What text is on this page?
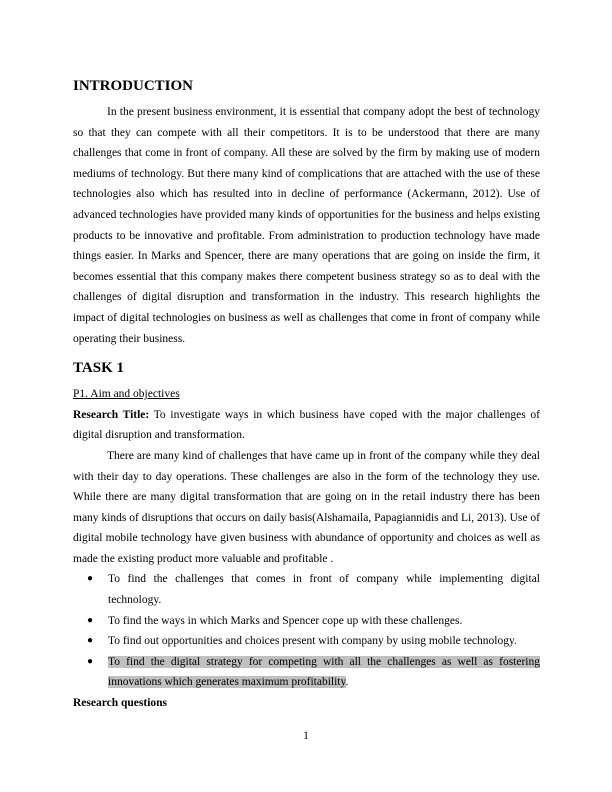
INTRODUCTION

In the present business environment, it is essential that company adopt the best of technology so that they can compete with all their competitors. It is to be understood that there are many challenges that come in front of company. All these are solved by the firm by making use of modern mediums of technology. But there many kind of complications that are attached with the use of these technologies also which has resulted into in decline of performance (Ackermann, 2012). Use of advanced technologies have provided many kinds of opportunities for the business and helps existing products to be innovative and profitable. From administration to production technology have made things easier. In Marks and Spencer, there are many operations that are going on inside the firm, it becomes essential that this company makes there competent business strategy so as to deal with the challenges of digital disruption and transformation in the industry. This research highlights the impact of digital technologies on business as well as challenges that come in front of company while operating their business.

TASK 1
P1. Aim and objectives

Research Title: To investigate ways in which business have coped with the major challenges of digital disruption and transformation.

There are many kind of challenges that have came up in front of the company while they deal with their day to day operations. These challenges are also in the form of the technology they use. While there are many digital transformation that are going on in the retail industry there has been many kinds of disruptions that occurs on daily basis(Alshamaila, Papagiannidis and Li, 2013). Use of digital mobile technology have given business with abundance of opportunity and choices as well as made the existing product more valuable and profitable .

● To find the challenges that comes in front of company while implementing digital technology.
● To find the ways in which Marks and Spencer cope up with these challenges.
● To find out opportunities and choices present with company by using mobile technology.
● To find the digital strategy for competing with all the challenges as well as fostering innovations which generates maximum profitability.
Research questions
1
